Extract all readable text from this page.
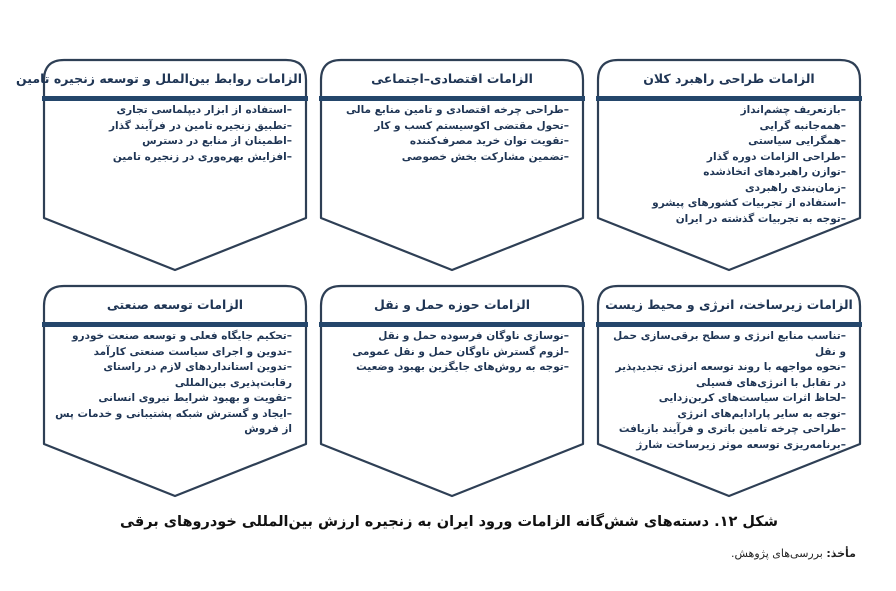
الزامات طراحی راهبرد کلان
– بازتعریف چشم‌انداز
– همه‌جانبه گرایی
– همگرایی سیاستی
– طراحی الزامات دوره گذار
– توازن راهبردهای اتخاذشده
– زمان‌بندی راهبردی
– استفاده از تجربیات کشورهای پیشرو
– توجه به تجربیات گذشته در ایران
الزامات اقتصادی–اجتماعی
– طراحی چرخه اقتصادی و تامین منابع مالی
– تحول مقتضی اکوسیستم کسب و کار
– تقویت توان خرید مصرف‌کننده
– تضمین مشارکت بخش خصوصی
الزامات روابط بین‌الملل و توسعه زنجیره تامین
– استفاده از ابزار دیپلماسی تجاری
– تطبیق زنجیره تامین در فرآیند گذار
– اطمینان از منابع در دسترس
– افزایش بهره‌وری در زنجیره تامین
الزامات زیرساخت، انرژی و محیط زیست
– تناسب منابع انرژی و سطح برقی‌سازی حمل و نقل
– نحوه مواجهه با روند توسعه انرژی تجدیدپذیر در تقابل با انرژی‌های فسیلی
– لحاظ اثرات سیاست‌های کربن‌زدایی
– توجه به سایر پارادایم‌های انرژی
– طراحی چرخه تامین باتری و فرآیند بازیافت
– برنامه‌ریزی توسعه موثر زیرساخت شارژ
الزامات حوزه حمل و نقل
– نوسازی ناوگان فرسوده حمل و نقل
– لزوم گسترش ناوگان حمل و نقل عمومی
– توجه به روش‌های جایگزین بهبود وضعیت
الزامات توسعه صنعتی
– تحکیم جایگاه فعلی و توسعه صنعت خودرو
– تدوین و اجرای سیاست صنعتی کارآمد
– تدوین استانداردهای لازم در راستای رقابت‌پذیری بین‌المللی
– تقویت و بهبود شرایط نیروی انسانی
– ایجاد و گسترش شبکه پشتیبانی و خدمات پس از فروش
شکل ۱۲. دسته‌های شش‌گانه الزامات ورود ایران به زنجیره ارزش بین‌المللی خودروهای برقی
مأخذ: بررسی‌های پژوهش.
